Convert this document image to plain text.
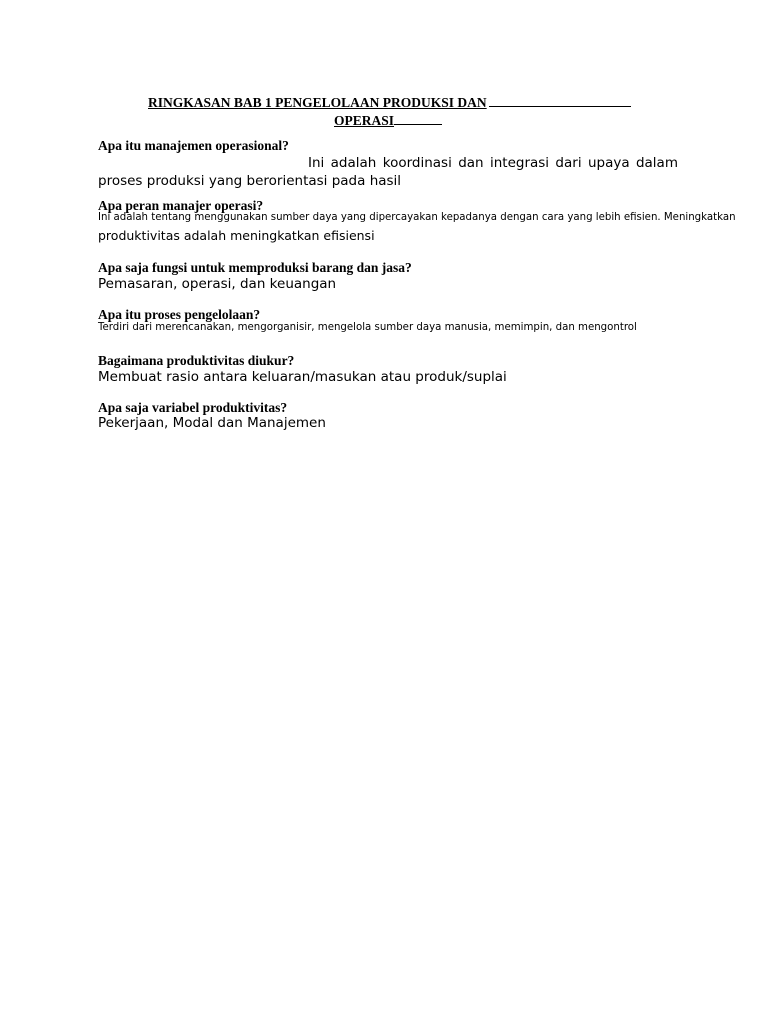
RINGKASAN BAB 1 PENGELOLAAN PRODUKSI DAN
OPERASI
Apa itu manajemen operasional?
Ini adalah koordinasi dan integrasi dari upaya dalam proses produksi yang berorientasi pada hasil
Apa peran manajer operasi?
Ini adalah tentang menggunakan sumber daya yang dipercayakan kepadanya dengan cara yang lebih efisien. Meningkatkan
produktivitas adalah meningkatkan efisiensi
Apa saja fungsi untuk memproduksi barang dan jasa?
Pemasaran, operasi, dan keuangan
Apa itu proses pengelolaan?
Terdiri dari merencanakan, mengorganisir, mengelola sumber daya manusia, memimpin, dan mengontrol
Bagaimana produktivitas diukur?
Membuat rasio antara keluaran/masukan atau produk/suplai
Apa saja variabel produktivitas?
Pekerjaan, Modal dan Manajemen
